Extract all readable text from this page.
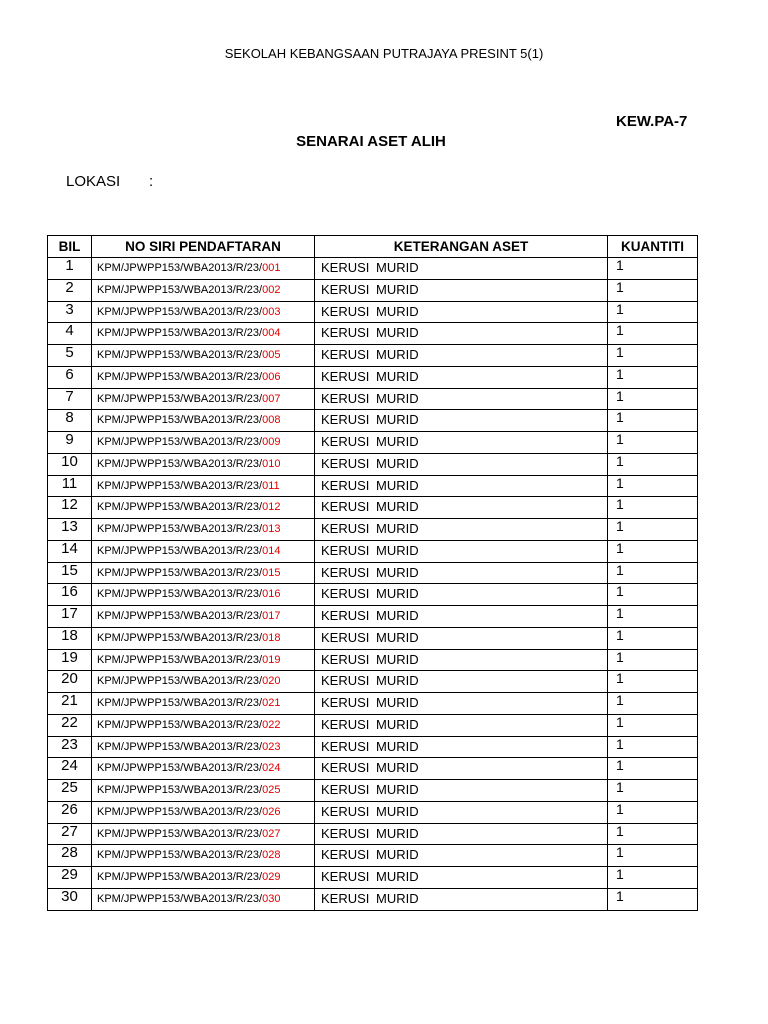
SEKOLAH KEBANGSAAN PUTRAJAYA PRESINT 5(1)
KEW.PA-7
SENARAI ASET ALIH
LOKASI :
BIL	NO SIRI PENDAFTARAN	KETERANGAN ASET	KUANTITI
1	KPM/JPWPP153/WBA2013/R/23/001	KERUSI MURID	1
2	KPM/JPWPP153/WBA2013/R/23/002	KERUSI MURID	1
3	KPM/JPWPP153/WBA2013/R/23/003	KERUSI MURID	1
4	KPM/JPWPP153/WBA2013/R/23/004	KERUSI MURID	1
5	KPM/JPWPP153/WBA2013/R/23/005	KERUSI MURID	1
6	KPM/JPWPP153/WBA2013/R/23/006	KERUSI MURID	1
7	KPM/JPWPP153/WBA2013/R/23/007	KERUSI MURID	1
8	KPM/JPWPP153/WBA2013/R/23/008	KERUSI MURID	1
9	KPM/JPWPP153/WBA2013/R/23/009	KERUSI MURID	1
10	KPM/JPWPP153/WBA2013/R/23/010	KERUSI MURID	1
11	KPM/JPWPP153/WBA2013/R/23/011	KERUSI MURID	1
12	KPM/JPWPP153/WBA2013/R/23/012	KERUSI MURID	1
13	KPM/JPWPP153/WBA2013/R/23/013	KERUSI MURID	1
14	KPM/JPWPP153/WBA2013/R/23/014	KERUSI MURID	1
15	KPM/JPWPP153/WBA2013/R/23/015	KERUSI MURID	1
16	KPM/JPWPP153/WBA2013/R/23/016	KERUSI MURID	1
17	KPM/JPWPP153/WBA2013/R/23/017	KERUSI MURID	1
18	KPM/JPWPP153/WBA2013/R/23/018	KERUSI MURID	1
19	KPM/JPWPP153/WBA2013/R/23/019	KERUSI MURID	1
20	KPM/JPWPP153/WBA2013/R/23/020	KERUSI MURID	1
21	KPM/JPWPP153/WBA2013/R/23/021	KERUSI MURID	1
22	KPM/JPWPP153/WBA2013/R/23/022	KERUSI MURID	1
23	KPM/JPWPP153/WBA2013/R/23/023	KERUSI MURID	1
24	KPM/JPWPP153/WBA2013/R/23/024	KERUSI MURID	1
25	KPM/JPWPP153/WBA2013/R/23/025	KERUSI MURID	1
26	KPM/JPWPP153/WBA2013/R/23/026	KERUSI MURID	1
27	KPM/JPWPP153/WBA2013/R/23/027	KERUSI MURID	1
28	KPM/JPWPP153/WBA2013/R/23/028	KERUSI MURID	1
29	KPM/JPWPP153/WBA2013/R/23/029	KERUSI MURID	1
30	KPM/JPWPP153/WBA2013/R/23/030	KERUSI MURID	1
